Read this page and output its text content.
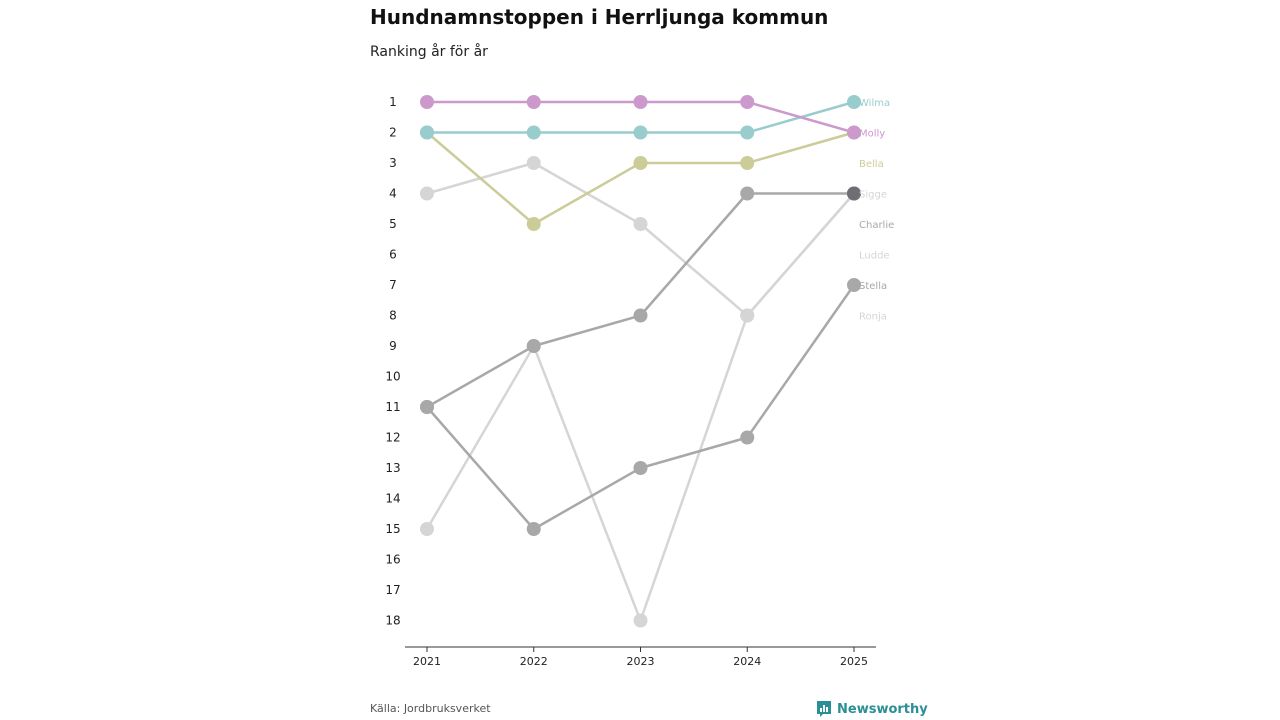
Hundnamnstoppen i Herrljunga kommun
Ranking år för år
1
2
3
4
5
6
7
8
9
10
11
12
13
14
15
16
17
18
2021	2022	2023	2024	2025
Wilma
Molly
Bella
Sigge
Charlie
Ludde
Stella
Ronja
Källa: Jordbruksverket	Newsworthy
